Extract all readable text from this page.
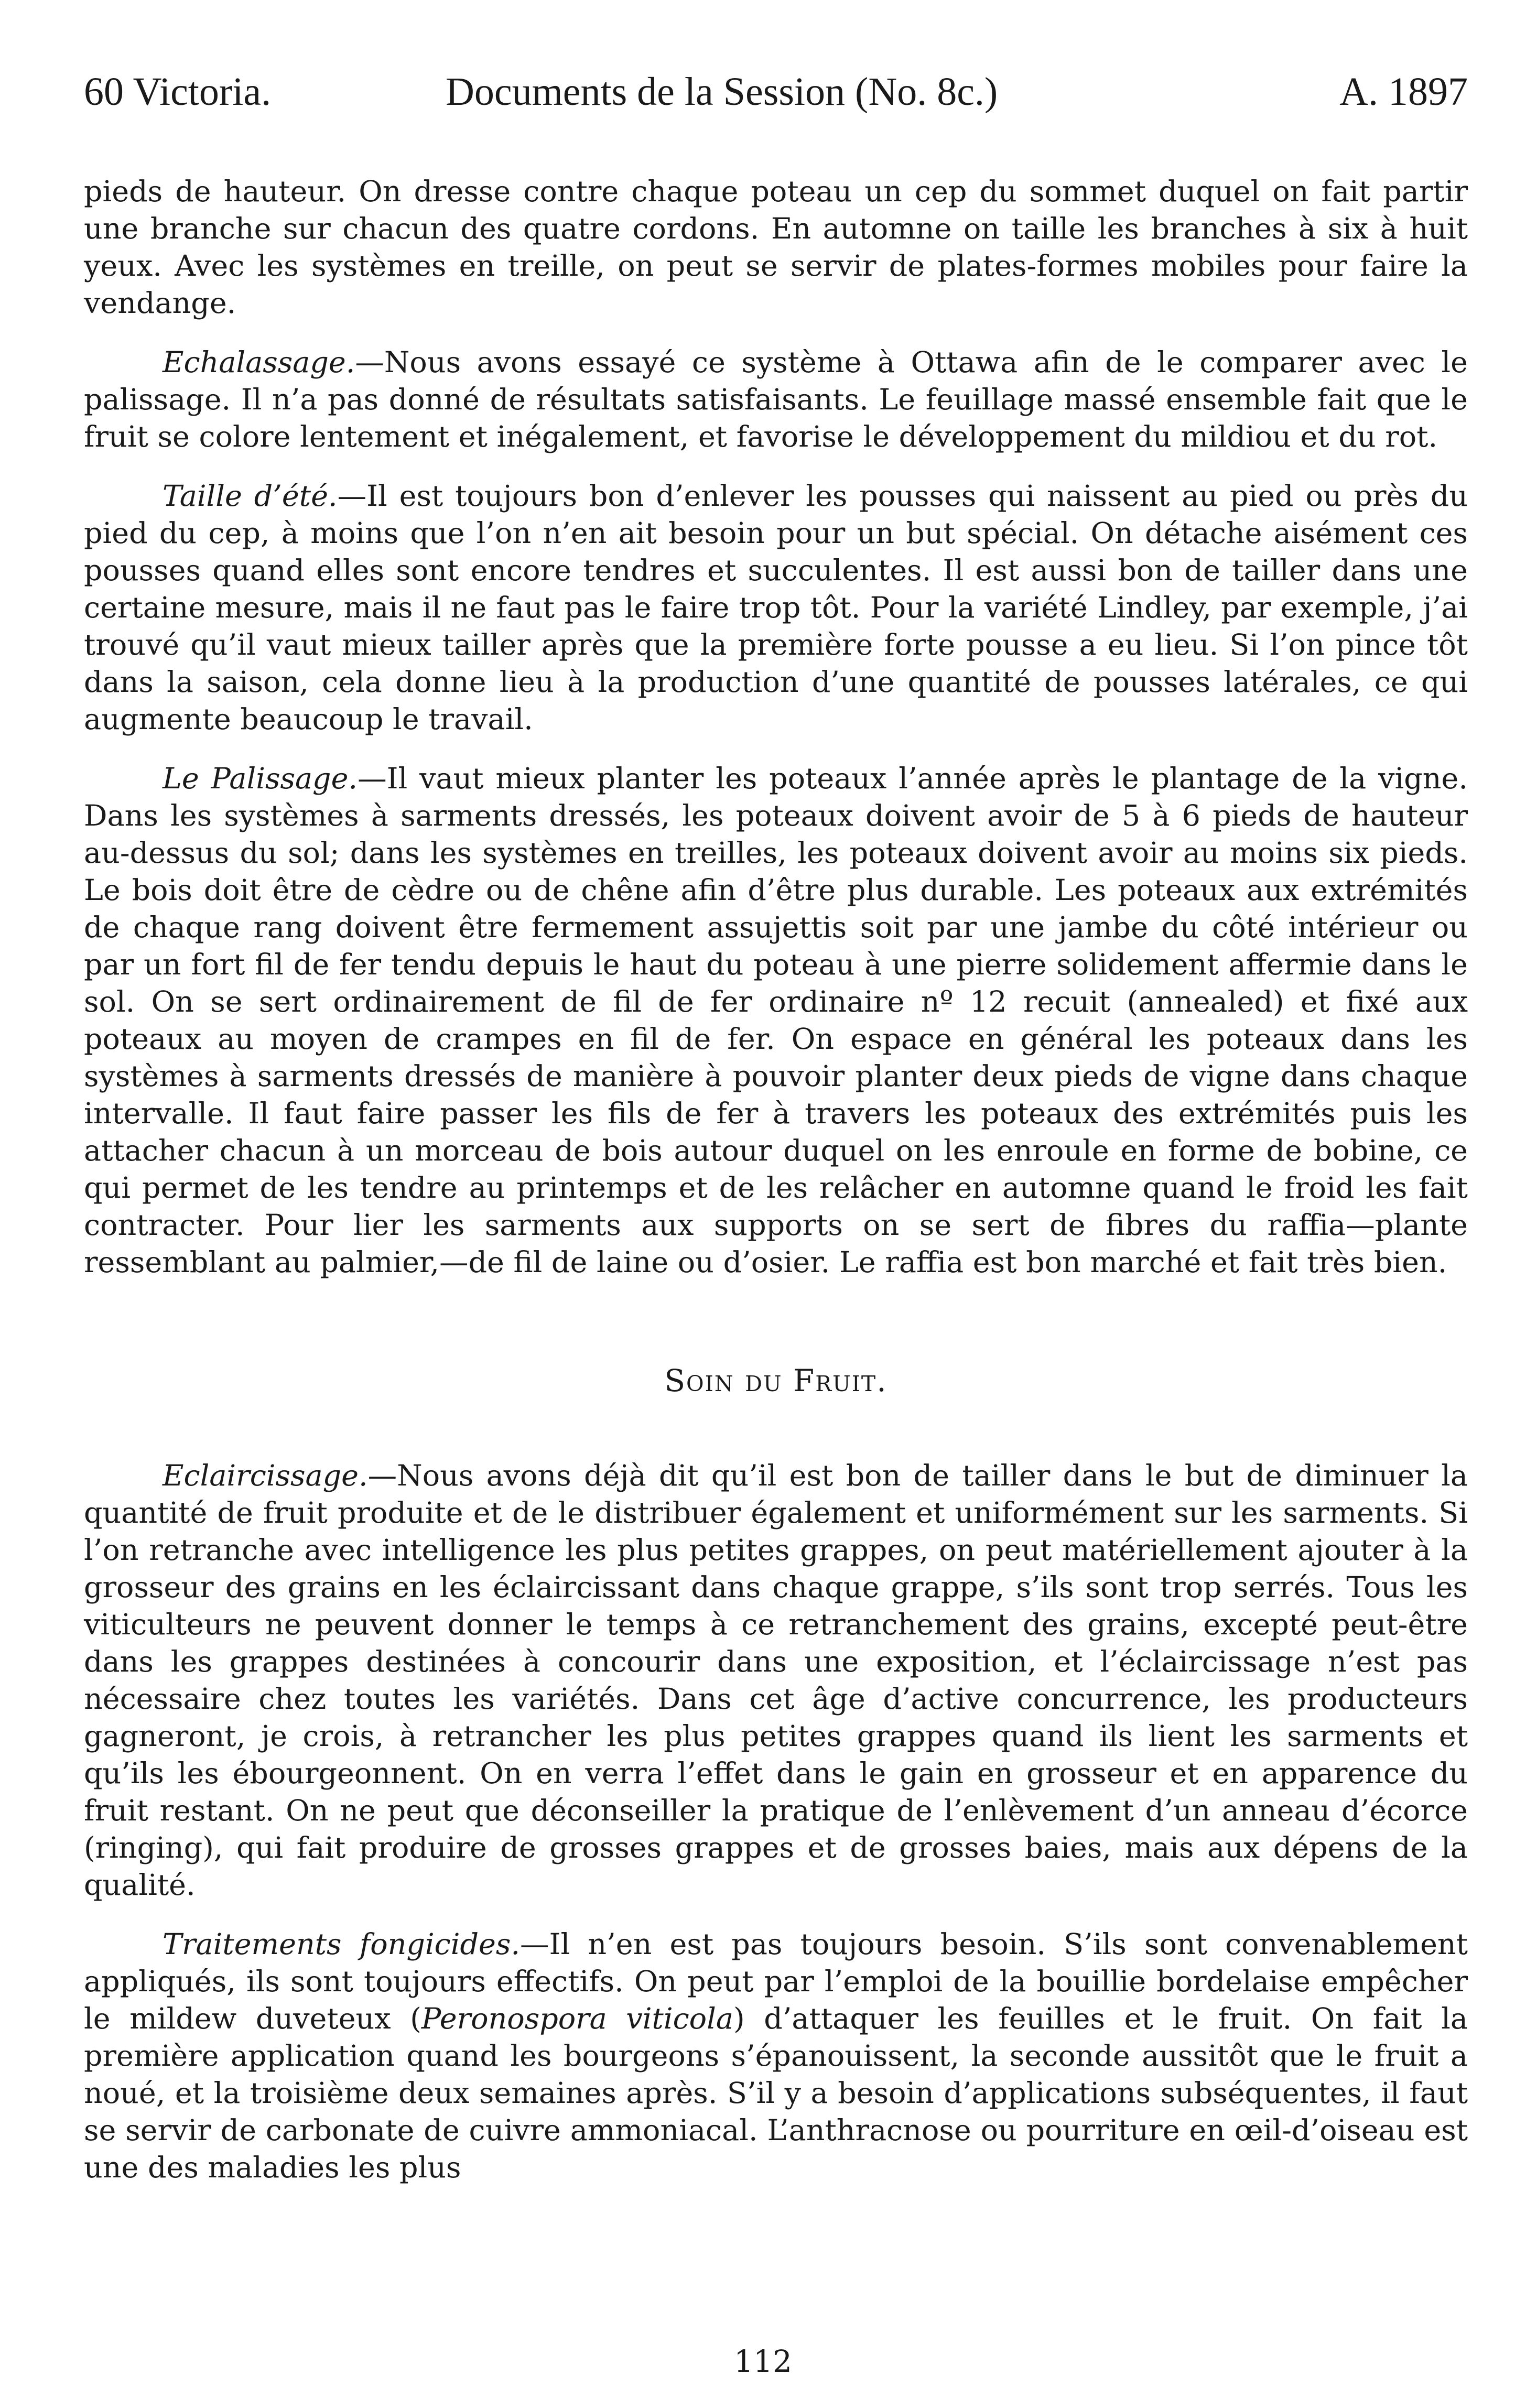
60 Victoria.	Documents de la Session (No. 8c.)	A. 1897

pieds de hauteur. On dresse contre chaque poteau un cep du sommet duquel on fait partir une branche sur chacun des quatre cordons. En automne on taille les branches à six à huit yeux. Avec les systèmes en treille, on peut se servir de plates-formes mobiles pour faire la vendange.

Echalassage.—Nous avons essayé ce système à Ottawa afin de le comparer avec le palissage. Il n’a pas donné de résultats satisfaisants. Le feuillage massé ensemble fait que le fruit se colore lentement et inégalement, et favorise le développement du mildiou et du rot.

Taille d’été.—Il est toujours bon d’enlever les pousses qui naissent au pied ou près du pied du cep, à moins que l’on n’en ait besoin pour un but spécial. On détache aisément ces pousses quand elles sont encore tendres et succulentes. Il est aussi bon de tailler dans une certaine mesure, mais il ne faut pas le faire trop tôt. Pour la variété Lindley, par exemple, j’ai trouvé qu’il vaut mieux tailler après que la première forte pousse a eu lieu. Si l’on pince tôt dans la saison, cela donne lieu à la production d’une quantité de pousses latérales, ce qui augmente beaucoup le travail.

Le Palissage.—Il vaut mieux planter les poteaux l’année après le plantage de la vigne. Dans les systèmes à sarments dressés, les poteaux doivent avoir de 5 à 6 pieds de hauteur au-dessus du sol; dans les systèmes en treilles, les poteaux doivent avoir au moins six pieds. Le bois doit être de cèdre ou de chêne afin d’être plus durable. Les poteaux aux extrémités de chaque rang doivent être fermement assujettis soit par une jambe du côté intérieur ou par un fort fil de fer tendu depuis le haut du poteau à une pierre solidement affermie dans le sol. On se sert ordinairement de fil de fer ordinaire nº 12 recuit (annealed) et fixé aux poteaux au moyen de crampes en fil de fer. On espace en général les poteaux dans les systèmes à sarments dressés de manière à pouvoir planter deux pieds de vigne dans chaque intervalle. Il faut faire passer les fils de fer à travers les poteaux des extrémités puis les attacher chacun à un morceau de bois autour duquel on les enroule en forme de bobine, ce qui permet de les tendre au printemps et de les relâcher en automne quand le froid les fait contracter. Pour lier les sarments aux supports on se sert de fibres du raffia—plante ressemblant au palmier,—de fil de laine ou d’osier. Le raffia est bon marché et fait très bien.

Soin du Fruit.

Eclaircissage.—Nous avons déjà dit qu’il est bon de tailler dans le but de diminuer la quantité de fruit produite et de le distribuer également et uniformément sur les sarments. Si l’on retranche avec intelligence les plus petites grappes, on peut matériellement ajouter à la grosseur des grains en les éclaircissant dans chaque grappe, s’ils sont trop serrés. Tous les viticulteurs ne peuvent donner le temps à ce retranchement des grains, excepté peut-être dans les grappes destinées à concourir dans une exposition, et l’éclaircissage n’est pas nécessaire chez toutes les variétés. Dans cet âge d’active concurrence, les producteurs gagneront, je crois, à retrancher les plus petites grappes quand ils lient les sarments et qu’ils les ébourgeonnent. On en verra l’effet dans le gain en grosseur et en apparence du fruit restant. On ne peut que déconseiller la pratique de l’enlèvement d’un anneau d’écorce (ringing), qui fait produire de grosses grappes et de grosses baies, mais aux dépens de la qualité.

Traitements fongicides.—Il n’en est pas toujours besoin. S’ils sont convenablement appliqués, ils sont toujours effectifs. On peut par l’emploi de la bouillie bordelaise empêcher le mildew duveteux (Peronospora viticola) d’attaquer les feuilles et le fruit. On fait la première application quand les bourgeons s’épanouissent, la seconde aussitôt que le fruit a noué, et la troisième deux semaines après. S’il y a besoin d’applications subséquentes, il faut se servir de carbonate de cuivre ammoniacal. L’anthracnose ou pourriture en œil-d’oiseau est une des maladies les plus

112
